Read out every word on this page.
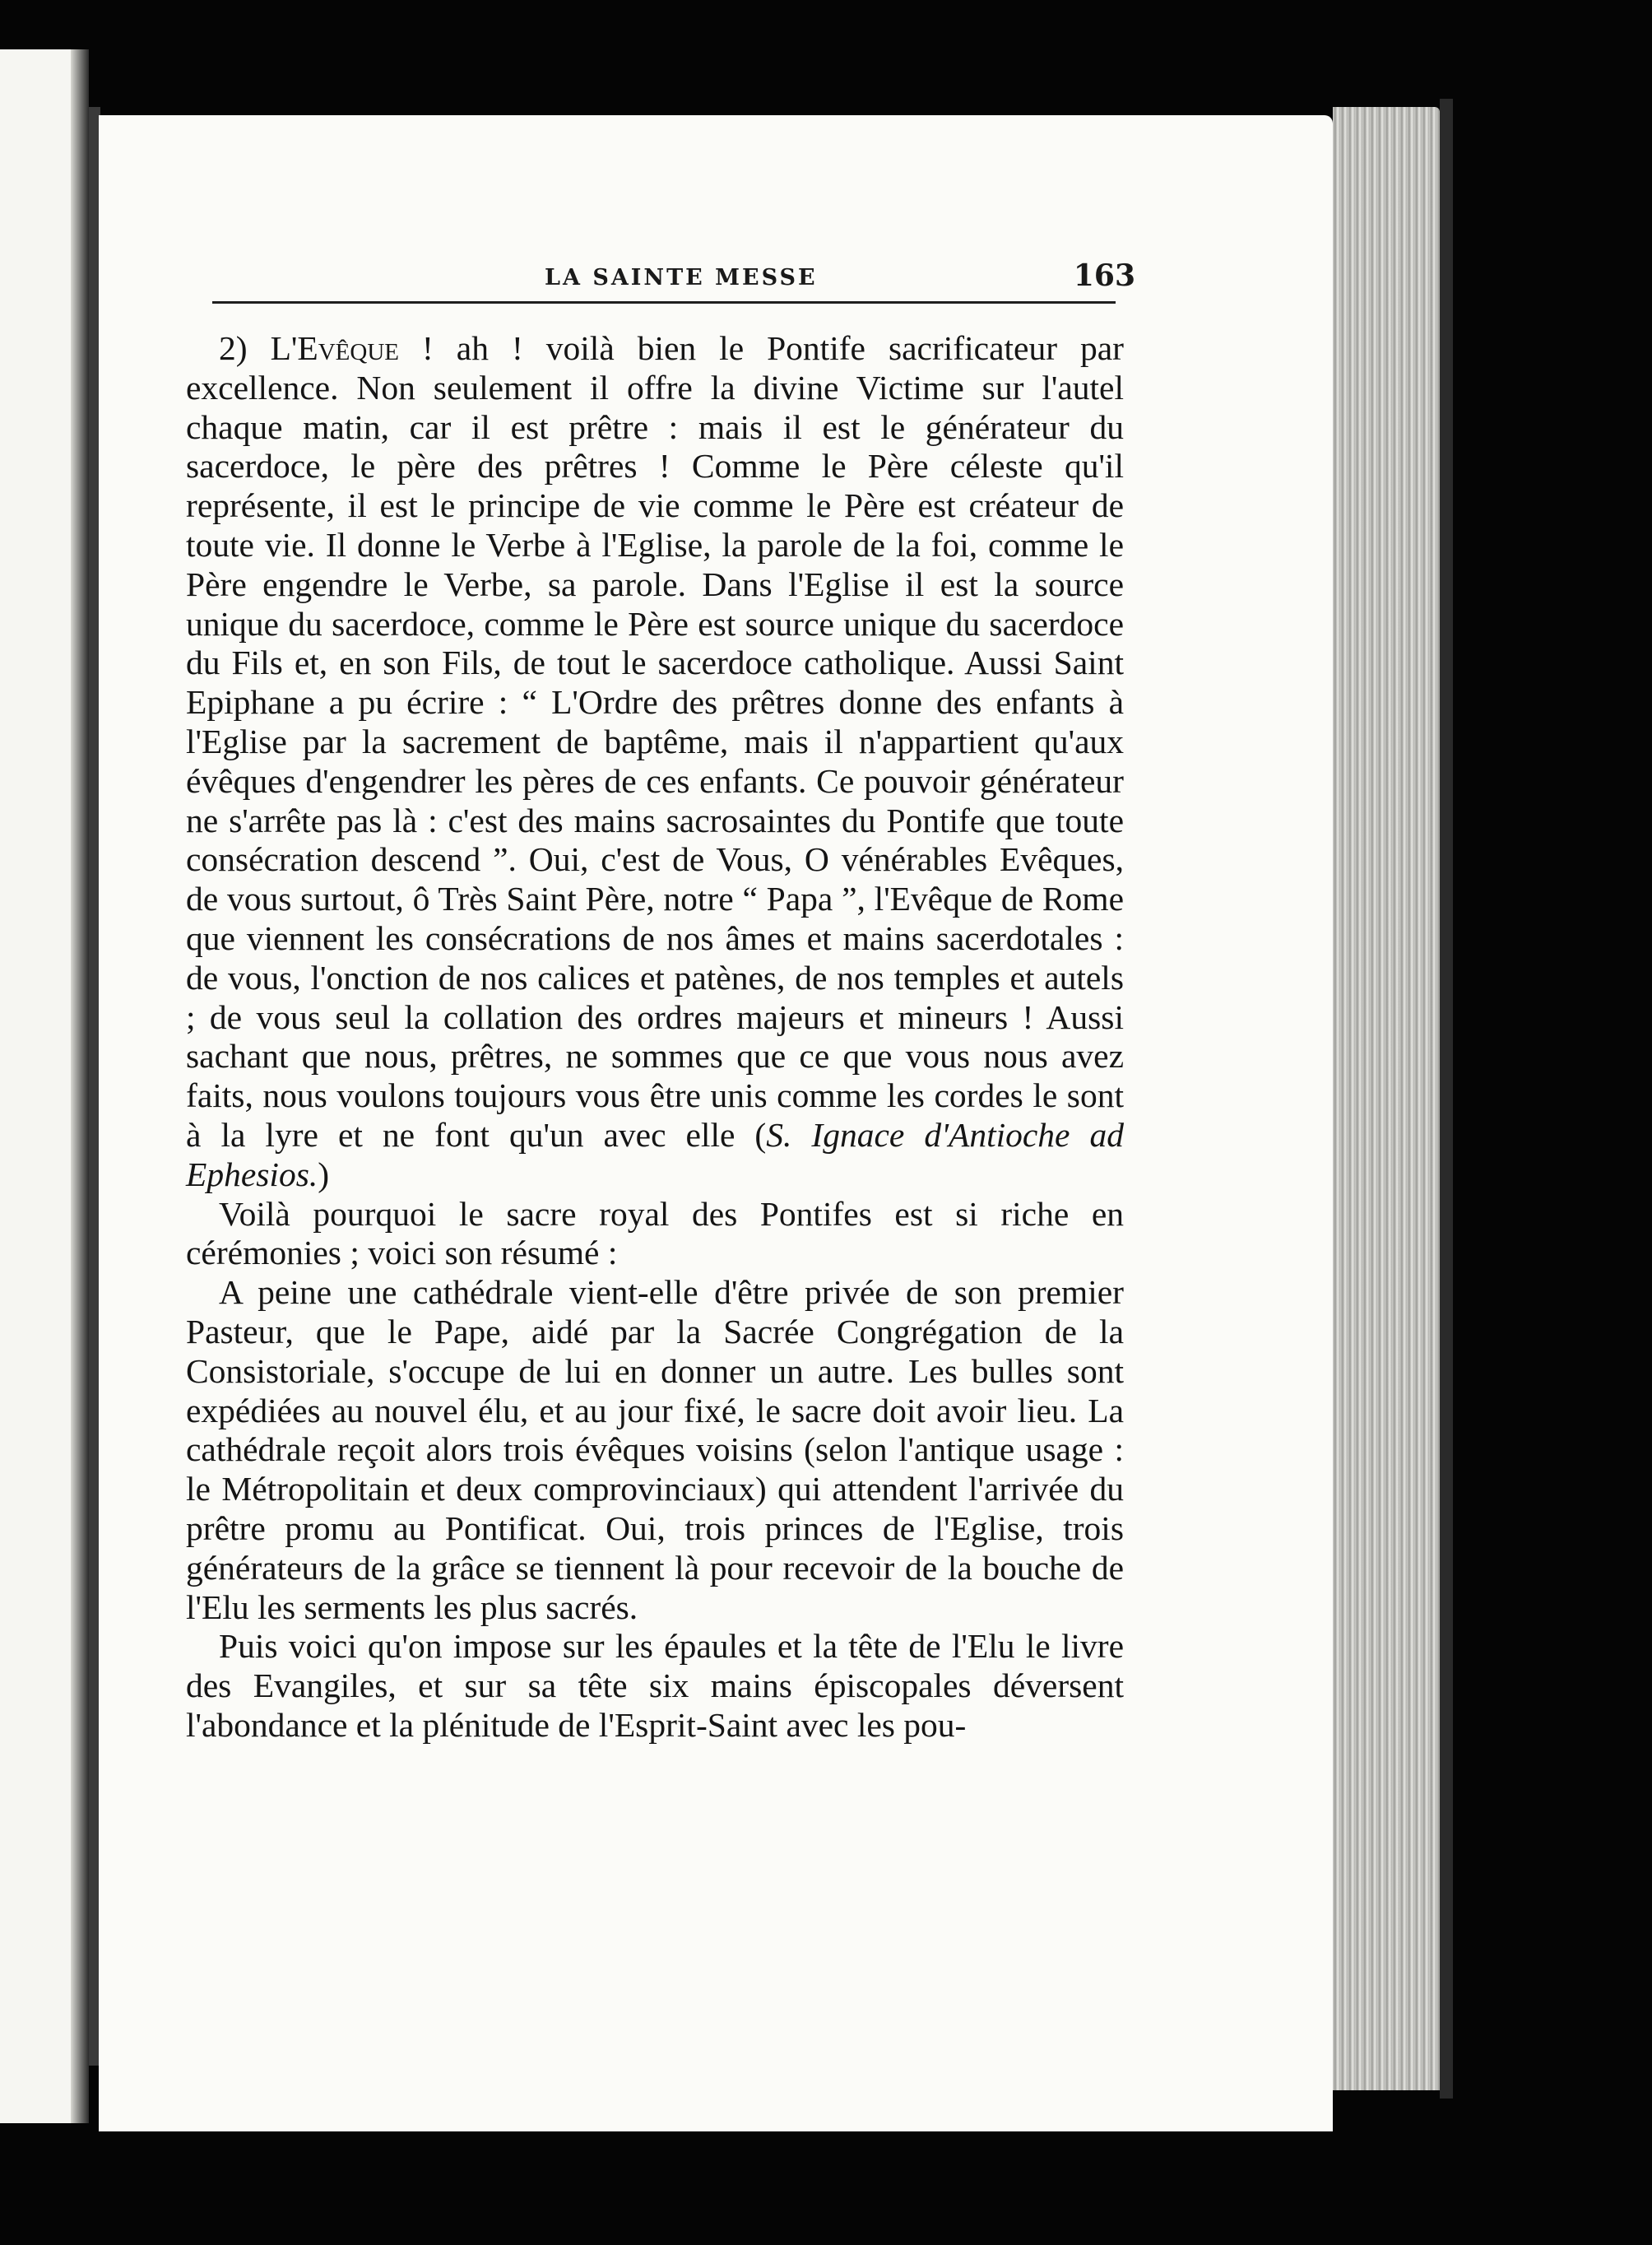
LA SAINTE MESSE	163

2) L'Evêque ! ah ! voilà bien le Pontife sacrificateur par excellence. Non seulement il offre la divine Victime sur l'autel chaque matin, car il est prêtre : mais il est le générateur du sacerdoce, le père des prêtres ! Comme le Père céleste qu'il représente, il est le principe de vie comme le Père est créateur de toute vie. Il donne le Verbe à l'Eglise, la parole de la foi, comme le Père engendre le Verbe, sa parole. Dans l'Eglise il est la source unique du sacerdoce, comme le Père est source unique du sacerdoce du Fils et, en son Fils, de tout le sacerdoce catholique. Aussi Saint Epiphane a pu écrire : “ L'Ordre des prêtres donne des enfants à l'Eglise par la sacrement de baptême, mais il n'appartient qu'aux évêques d'engendrer les pères de ces enfants. Ce pouvoir générateur ne s'arrête pas là : c'est des mains sacrosaintes du Pontife que toute consécration descend ”. Oui, c'est de Vous, O vénérables Evêques, de vous surtout, ô Très Saint Père, notre “ Papa ”, l'Evêque de Rome que viennent les consécrations de nos âmes et mains sacerdotales : de vous, l'onction de nos calices et patènes, de nos temples et autels ; de vous seul la collation des ordres majeurs et mineurs ! Aussi sachant que nous, prêtres, ne sommes que ce que vous nous avez faits, nous voulons toujours vous être unis comme les cordes le sont à la lyre et ne font qu'un avec elle (S. Ignace d'Antioche ad Ephesios.)

Voilà pourquoi le sacre royal des Pontifes est si riche en cérémonies ; voici son résumé :

A peine une cathédrale vient-elle d'être privée de son premier Pasteur, que le Pape, aidé par la Sacrée Congrégation de la Consistoriale, s'occupe de lui en donner un autre. Les bulles sont expédiées au nouvel élu, et au jour fixé, le sacre doit avoir lieu. La cathédrale reçoit alors trois évêques voisins (selon l'antique usage : le Métropolitain et deux comprovinciaux) qui attendent l'arrivée du prêtre promu au Pontificat. Oui, trois princes de l'Eglise, trois générateurs de la grâce se tiennent là pour recevoir de la bouche de l'Elu les serments les plus sacrés.

Puis voici qu'on impose sur les épaules et la tête de l'Elu le livre des Evangiles, et sur sa tête six mains épiscopales déversent l'abondance et la plénitude de l'Esprit-Saint avec les pou-
